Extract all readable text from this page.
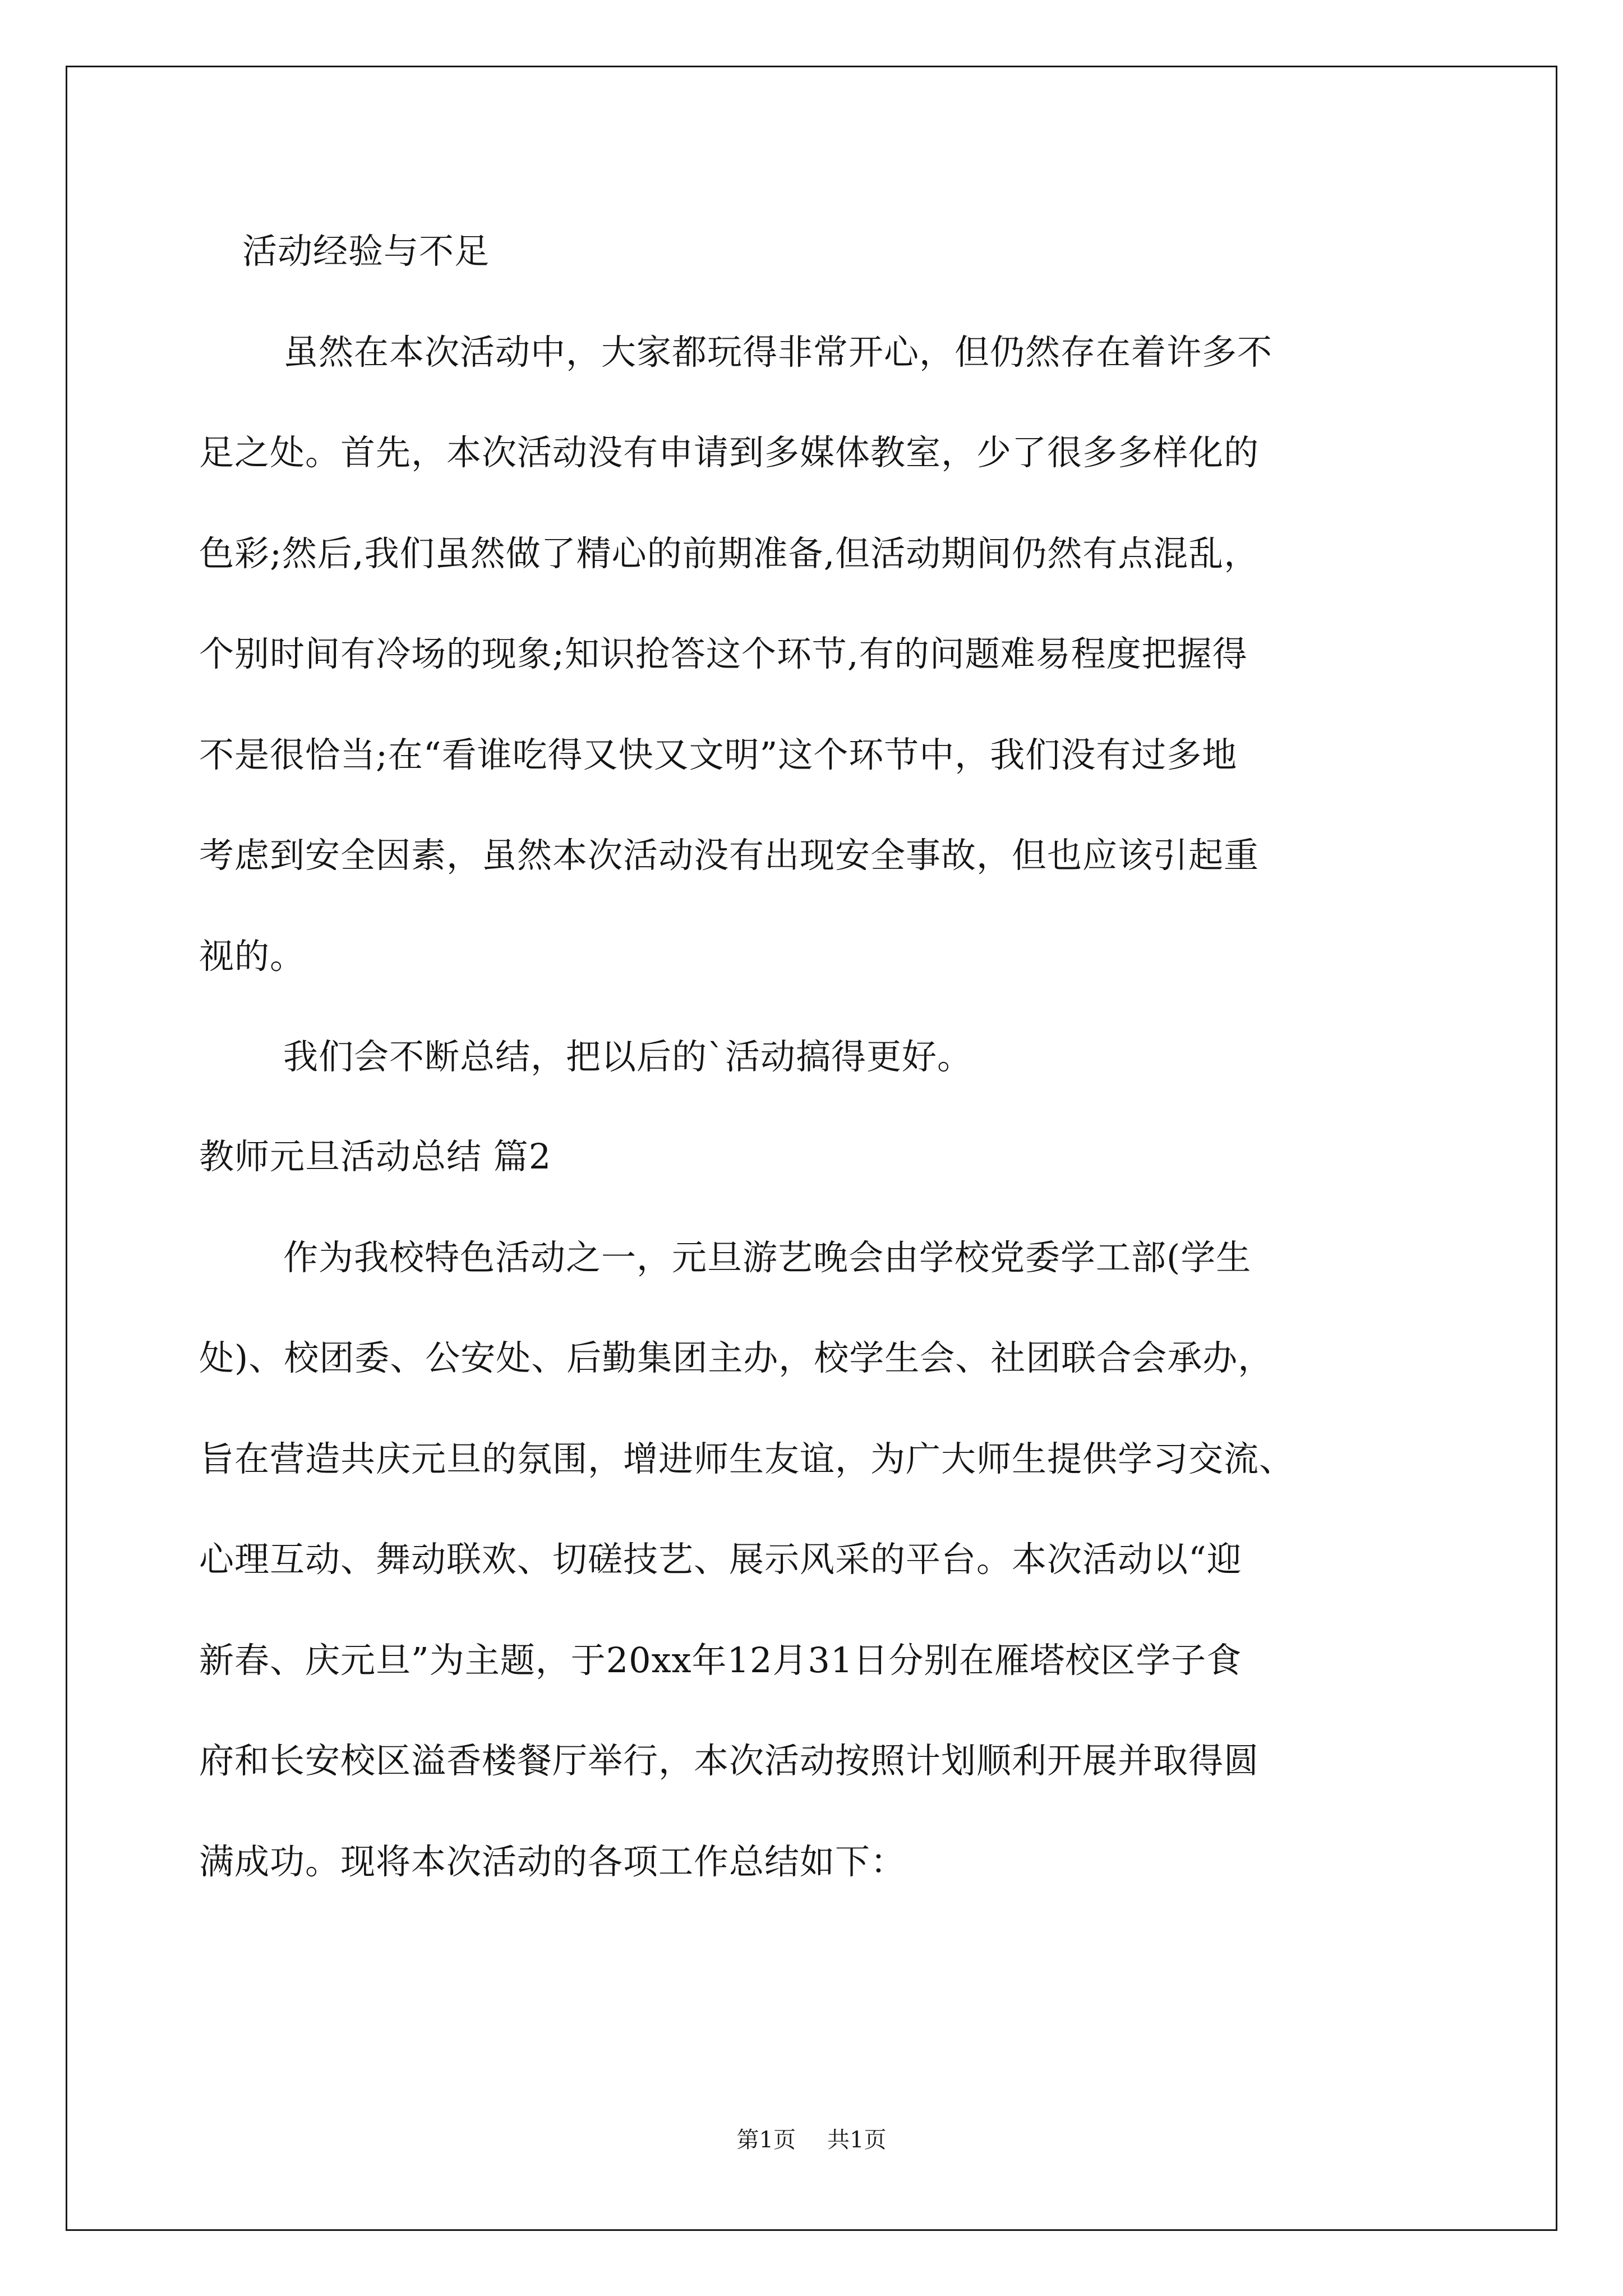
活动经验与不足

虽然在本次活动中，大家都玩得非常开心，但仍然存在着许多不

足之处。首先，本次活动没有申请到多媒体教室，少了很多多样化的

色彩;然后,我们虽然做了精心的前期准备,但活动期间仍然有点混乱，

个别时间有冷场的现象;知识抢答这个环节,有的问题难易程度把握得

不是很恰当;在“看谁吃得又快又文明”这个环节中，我们没有过多地

考虑到安全因素，虽然本次活动没有出现安全事故，但也应该引起重

视的。

我们会不断总结，把以后的`活动搞得更好。

教师元旦活动总结 篇2

作为我校特色活动之一，元旦游艺晚会由学校党委学工部(学生

处)、校团委、公安处、后勤集团主办，校学生会、社团联合会承办，

旨在营造共庆元旦的氛围，增进师生友谊，为广大师生提供学习交流、

心理互动、舞动联欢、切磋技艺、展示风采的平台。本次活动以“迎

新春、庆元旦”为主题，于20xx年12月31日分别在雁塔校区学子食

府和长安校区溢香楼餐厅举行，本次活动按照计划顺利开展并取得圆

满成功。现将本次活动的各项工作总结如下：

第1页 共1页
